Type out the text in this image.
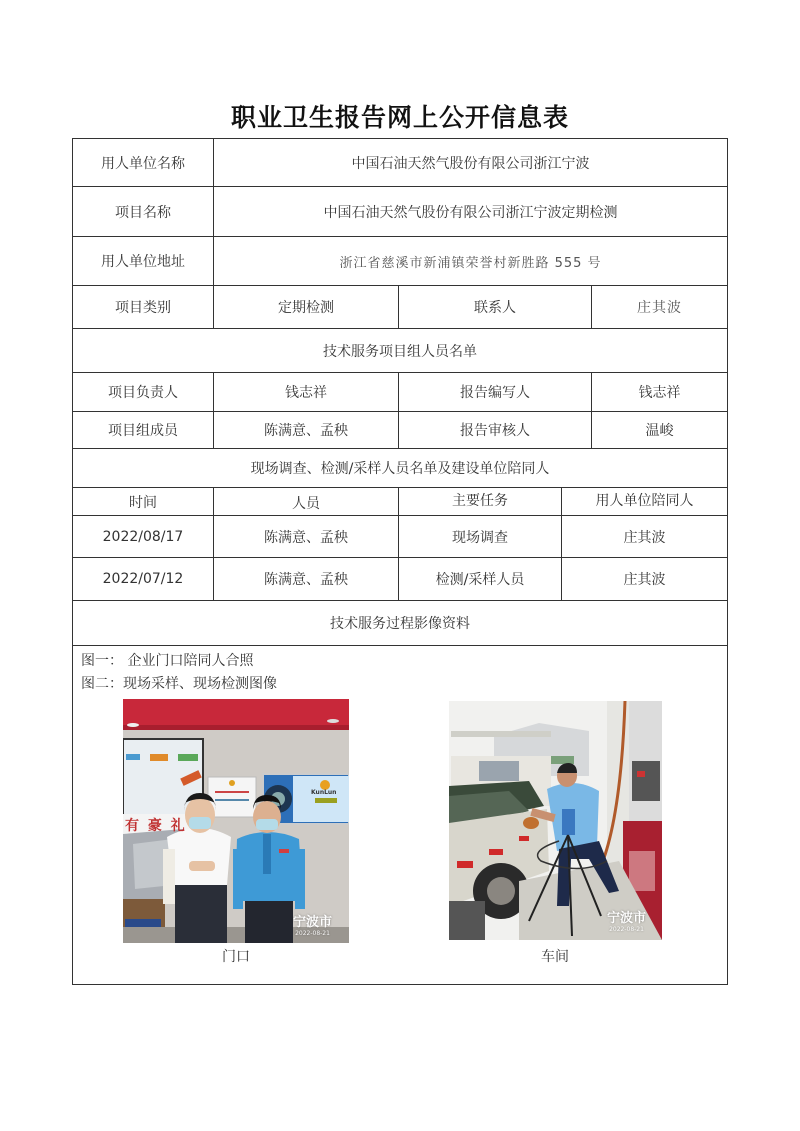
职业卫生报告网上公开信息表
用人单位名称	中国石油天然气股份有限公司浙江宁波
项目名称	中国石油天然气股份有限公司浙江宁波定期检测
用人单位地址	浙江省慈溪市新浦镇荣誉村新胜路 555 号
项目类别	定期检测	联系人	庄其波
技术服务项目组人员名单
项目负责人	钱志祥	报告编写人	钱志祥
项目组成员	陈满意、孟秧	报告审核人	温峻
现场调查、检测/采样人员名单及建设单位陪同人
时间	人员	主要任务	用人单位陪同人
2022/08/17	陈满意、孟秧	现场调查	庄其波
2022/07/12	陈满意、孟秧	检测/采样人员	庄其波
技术服务过程影像资料
图一： 企业门口陪同人合照
图二：现场采样、现场检测图像
有 豪 礼
KunLun
宁波市
2022-08-21
门口
宁波市
2022-08-21
车间
